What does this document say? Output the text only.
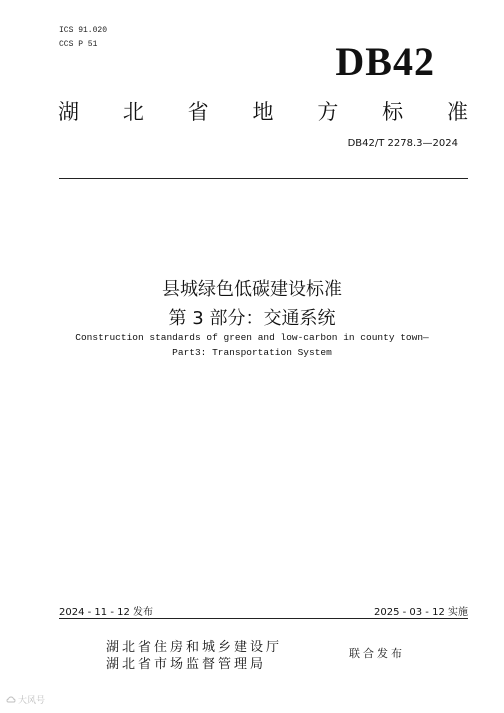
ICS 91.020
CCS P 51	DB42
湖 北 省 地 方 标 准
DB42/T 2278.3—2024
县城绿色低碳建设标准
第 3 部分：交通系统
Construction standards of green and low-carbon in county town—
Part3: Transportation System
2024 - 11 - 12 发布	2025 - 03 - 12 实施
湖北省住房和城乡建设厅
湖北省市场监督管理局
联合发布
大风号
